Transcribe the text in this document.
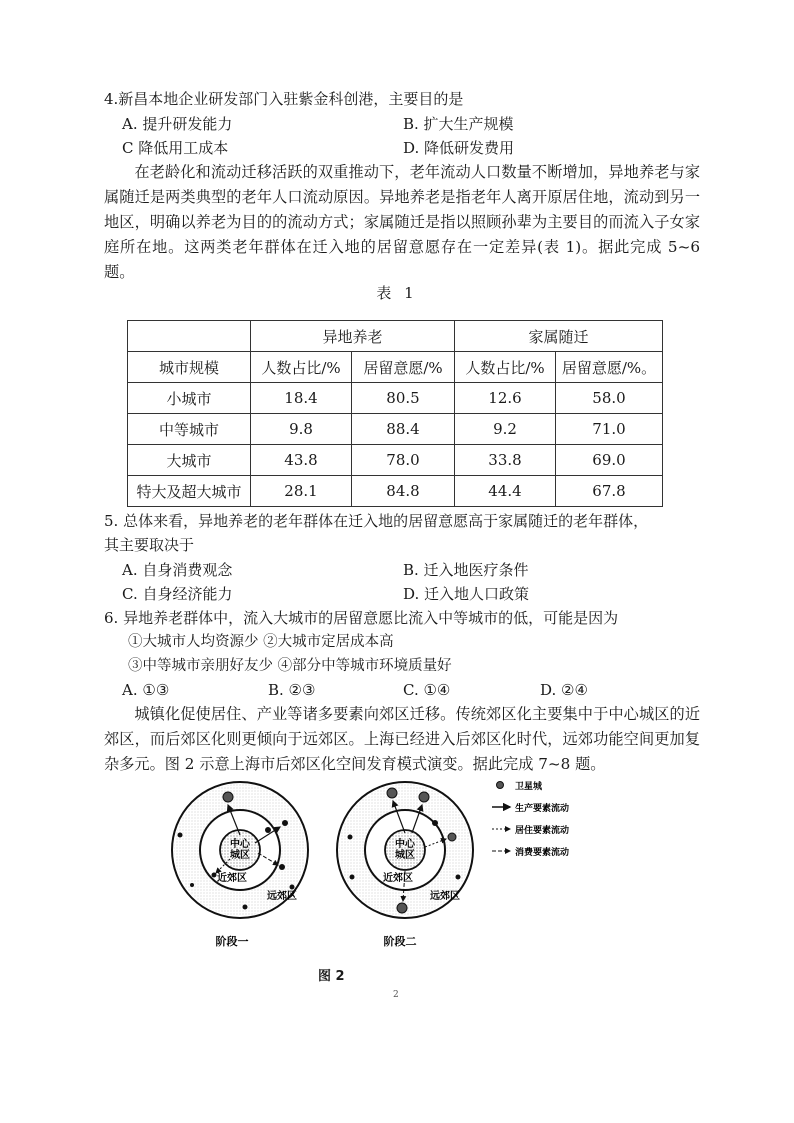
4.新昌本地企业研发部门入驻紫金科创港，主要目的是
A. 提升研发能力	B. 扩大生产规模
C 降低用工成本	D. 降低研发费用

在老龄化和流动迁移活跃的双重推动下，老年流动人口数量不断增加，异地养老与家属随迁是两类典型的老年人口流动原因。异地养老是指老年人离开原居住地，流动到另一地区，明确以养老为目的的流动方式；家属随迁是指以照顾孙辈为主要目的而流入子女家庭所在地。这两类老年群体在迁入地的居留意愿存在一定差异(表 1)。据此完成 5~6 题。

表 1
	异地养老		家属随迁	
城市规模	人数占比/%	居留意愿/%	人数占比/%	居留意愿/%。
小城市	18.4	80.5	12.6	58.0
中等城市	9.8	88.4	9.2	71.0
大城市	43.8	78.0	33.8	69.0
特大及超大城市	28.1	84.8	44.4	67.8
5. 总体来看，异地养老的老年群体在迁入地的居留意愿高于家属随迁的老年群体，
其主要取决于
A. 自身消费观念	B. 迁入地医疗条件
C. 自身经济能力	D. 迁入地人口政策
6. 异地养老群体中，流入大城市的居留意愿比流入中等城市的低，可能是因为
①大城市人均资源少 ②大城市定居成本高
③中等城市亲朋好友少 ④部分中等城市环境质量好
A. ①③	B. ②③	C. ①④	D. ②④

城镇化促使居住、产业等诸多要素向郊区迁移。传统郊区化主要集中于中心城区的近郊区，而后郊区化则更倾向于远郊区。上海已经进入后郊区化时代，远郊功能空间更加复杂多元。图 2 示意上海市后郊区化空间发育模式演变。据此完成 7~8 题。

中心城区
近郊区
远郊区
阶段一
中心城区
近郊区
远郊区
阶段二
卫星城
生产要素流动
居住要素流动
消费要素流动
图 2
2
